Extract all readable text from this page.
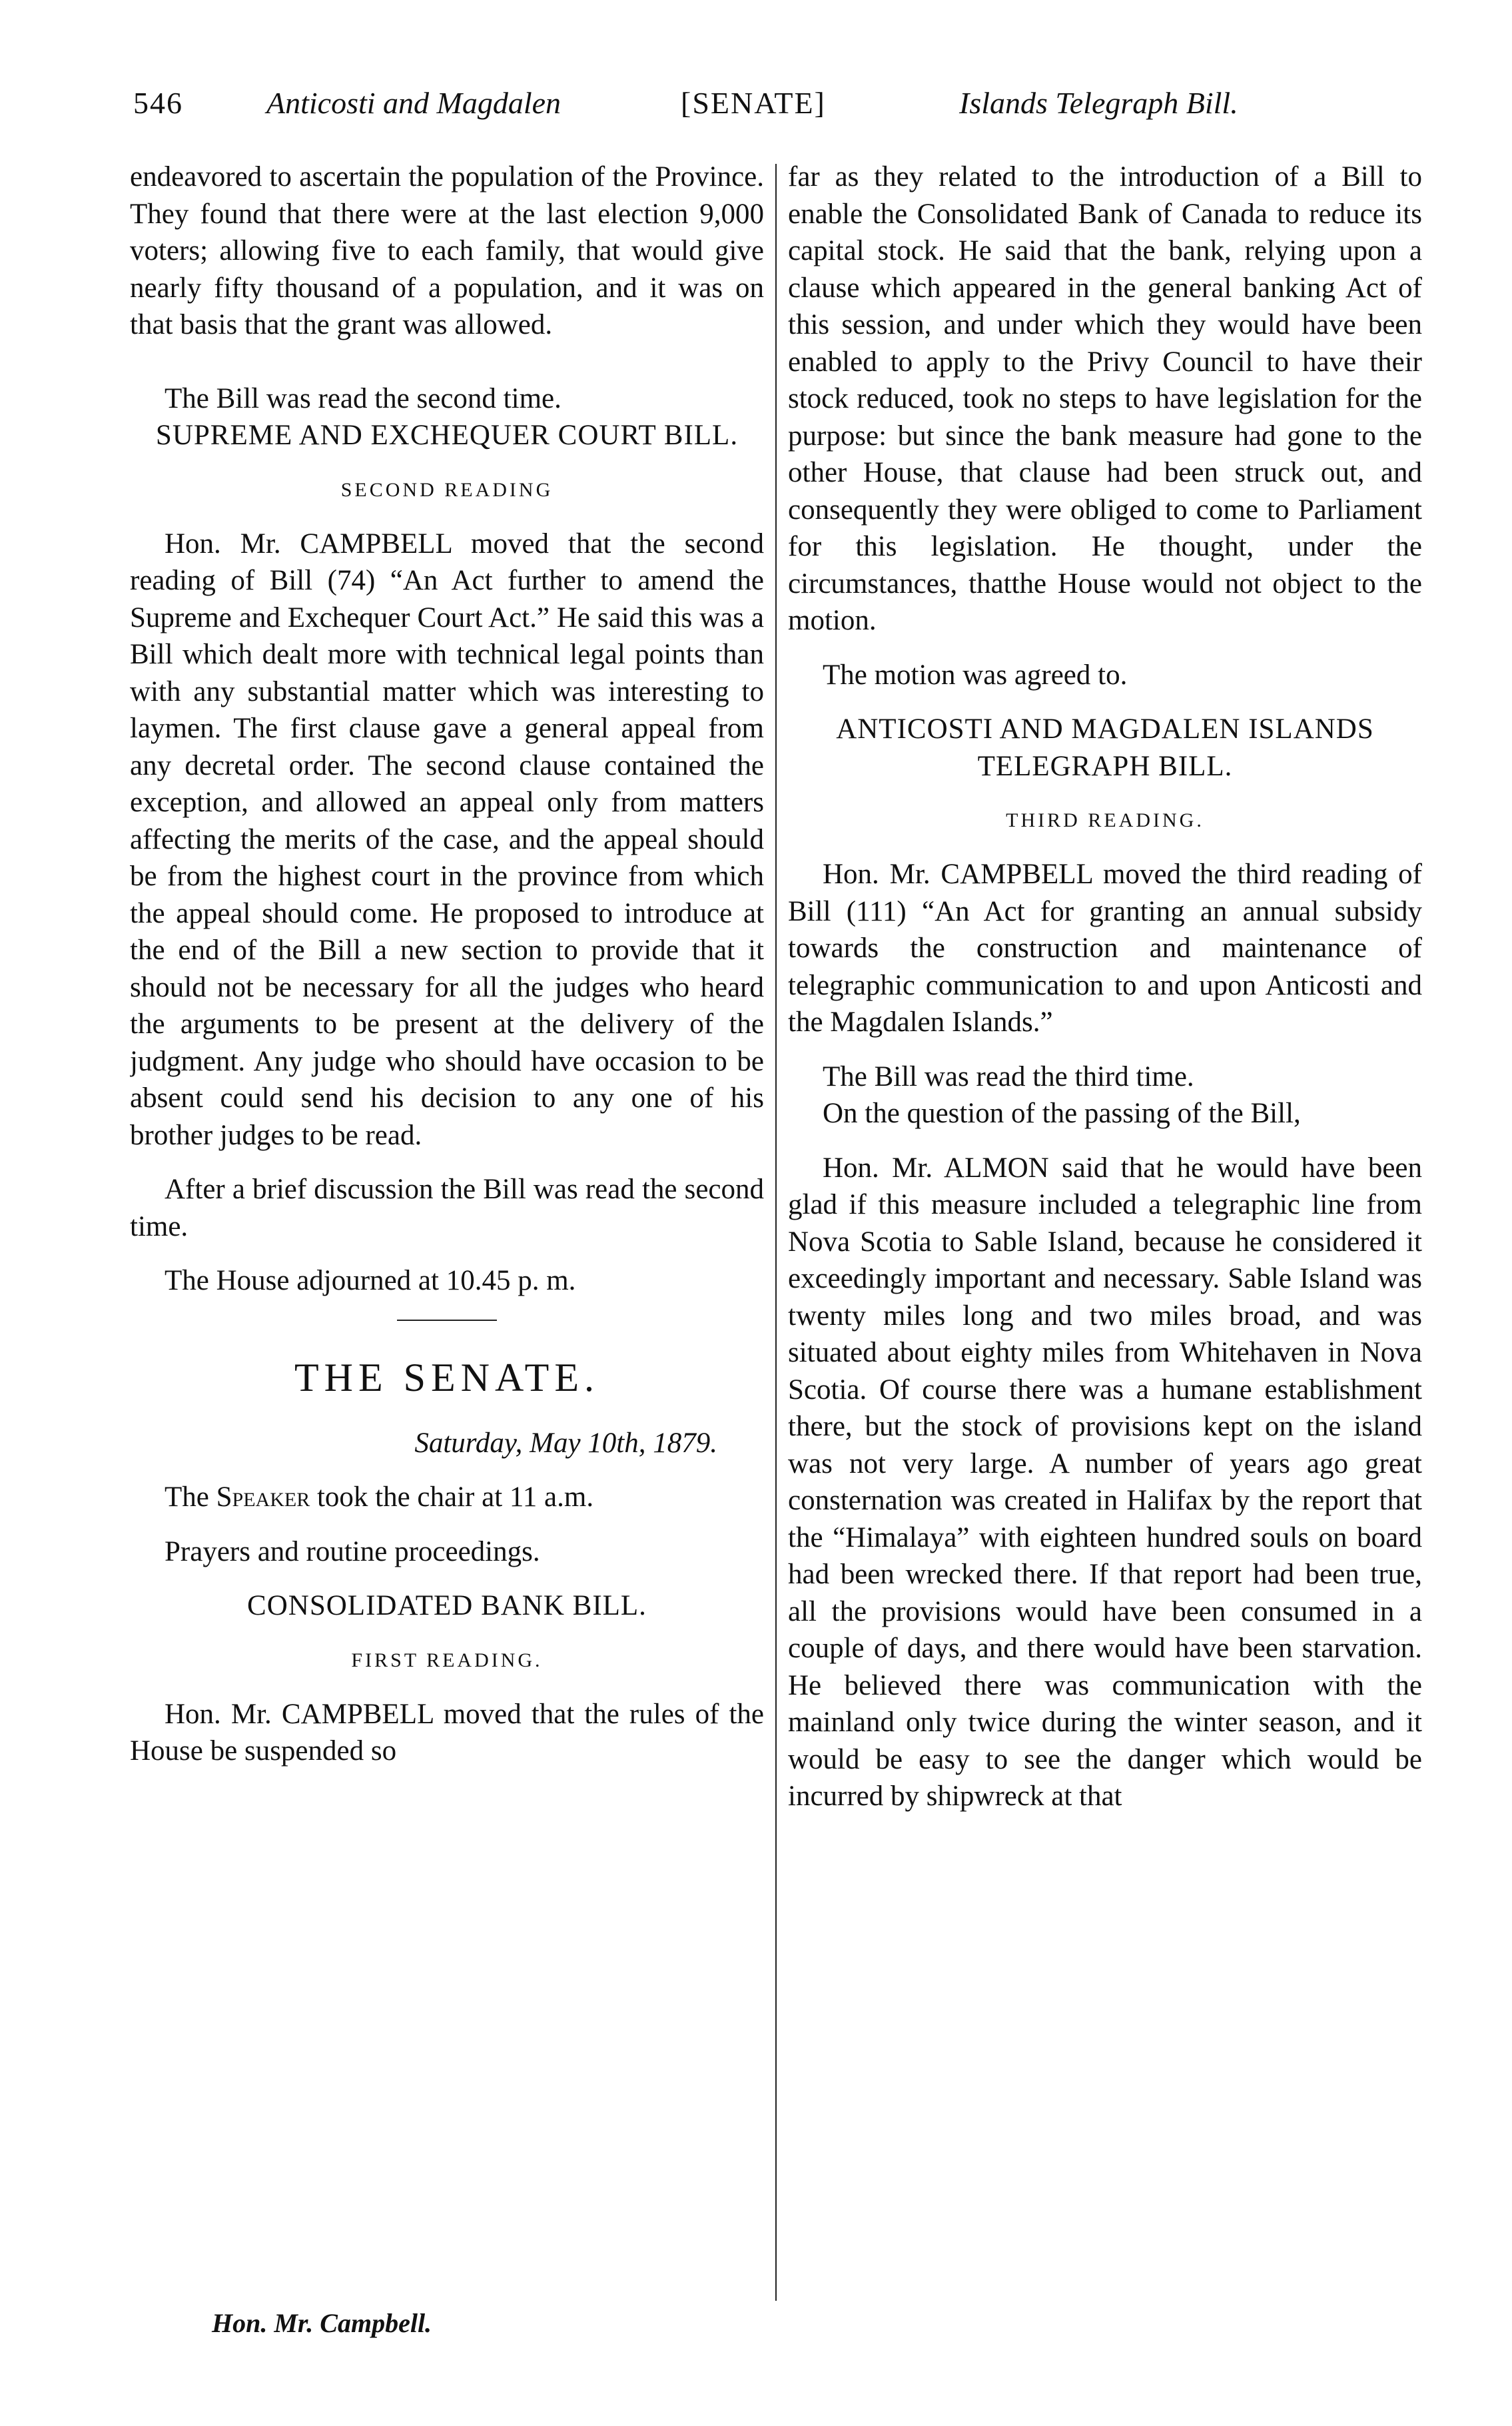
546	Anticosti and Magdalen	[SENATE]	Islands Telegraph Bill.

endeavored to ascertain the population of the Province. They found that there were at the last election 9,000 voters; allowing five to each family, that would give nearly fifty thousand of a population, and it was on that basis that the grant was allowed.

The Bill was read the second time.

SUPREME AND EXCHEQUER COURT BILL.

SECOND READING

Hon. Mr. CAMPBELL moved that the second reading of Bill (74) “An Act further to amend the Supreme and Exchequer Court Act.” He said this was a Bill which dealt more with technical legal points than with any substantial matter which was interesting to laymen. The first clause gave a general appeal from any decretal order. The second clause contained the exception, and allowed an appeal only from matters affecting the merits of the case, and the appeal should be from the highest court in the province from which the appeal should come. He proposed to introduce at the end of the Bill a new section to provide that it should not be necessary for all the judges who heard the arguments to be present at the delivery of the judgment. Any judge who should have occasion to be absent could send his decision to any one of his brother judges to be read.

After a brief discussion the Bill was read the second time.

The House adjourned at 10.45 p. m.

THE SENATE.

Saturday, May 10th, 1879.

The Speaker took the chair at 11 a.m.

Prayers and routine proceedings.

CONSOLIDATED BANK BILL.

FIRST READING.

Hon. Mr. CAMPBELL moved that the rules of the House be suspended so

far as they related to the introduction of a Bill to enable the Consolidated Bank of Canada to reduce its capital stock. He said that the bank, relying upon a clause which appeared in the general banking Act of this session, and under which they would have been enabled to apply to the Privy Council to have their stock reduced, took no steps to have legislation for the purpose: but since the bank measure had gone to the other House, that clause had been struck out, and consequently they were obliged to come to Parliament for this legislation. He thought, under the circumstances, thatthe House would not object to the motion.

The motion was agreed to.

ANTICOSTI AND MAGDALEN ISLANDS TELEGRAPH BILL.

THIRD READING.

Hon. Mr. CAMPBELL moved the third reading of Bill (111) “An Act for granting an annual subsidy towards the construction and maintenance of telegraphic communication to and upon Anticosti and the Magdalen Islands.”

The Bill was read the third time.

On the question of the passing of the Bill,

Hon. Mr. ALMON said that he would have been glad if this measure included a telegraphic line from Nova Scotia to Sable Island, because he considered it exceedingly important and necessary. Sable Island was twenty miles long and two miles broad, and was situated about eighty miles from Whitehaven in Nova Scotia. Of course there was a humane establishment there, but the stock of provisions kept on the island was not very large. A number of years ago great consternation was created in Halifax by the report that the “Himalaya” with eighteen hundred souls on board had been wrecked there. If that report had been true, all the provisions would have been consumed in a couple of days, and there would have been starvation. He believed there was communication with the mainland only twice during the winter season, and it would be easy to see the danger which would be incurred by shipwreck at that

Hon. Mr. Campbell.
